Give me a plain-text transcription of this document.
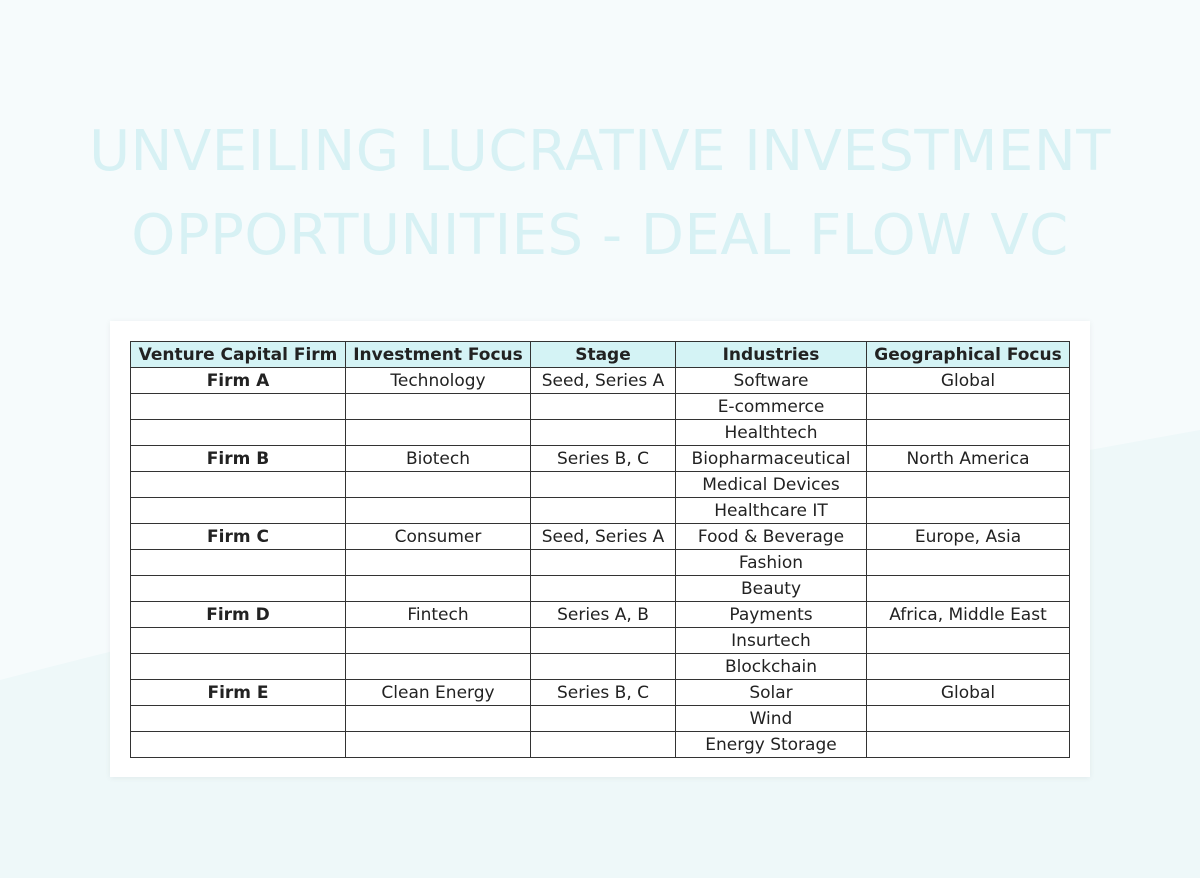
UNVEILING LUCRATIVE INVESTMENT
OPPORTUNITIES - DEAL FLOW VC
Venture Capital Firm	Investment Focus	Stage	Industries	Geographical Focus
Firm A	Technology	Seed, Series A	Software	Global
			E-commerce	
			Healthtech	
Firm B	Biotech	Series B, C	Biopharmaceutical	North America
			Medical Devices	
			Healthcare IT	
Firm C	Consumer	Seed, Series A	Food & Beverage	Europe, Asia
			Fashion	
			Beauty	
Firm D	Fintech	Series A, B	Payments	Africa, Middle East
			Insurtech	
			Blockchain	
Firm E	Clean Energy	Series B, C	Solar	Global
			Wind	
			Energy Storage	
